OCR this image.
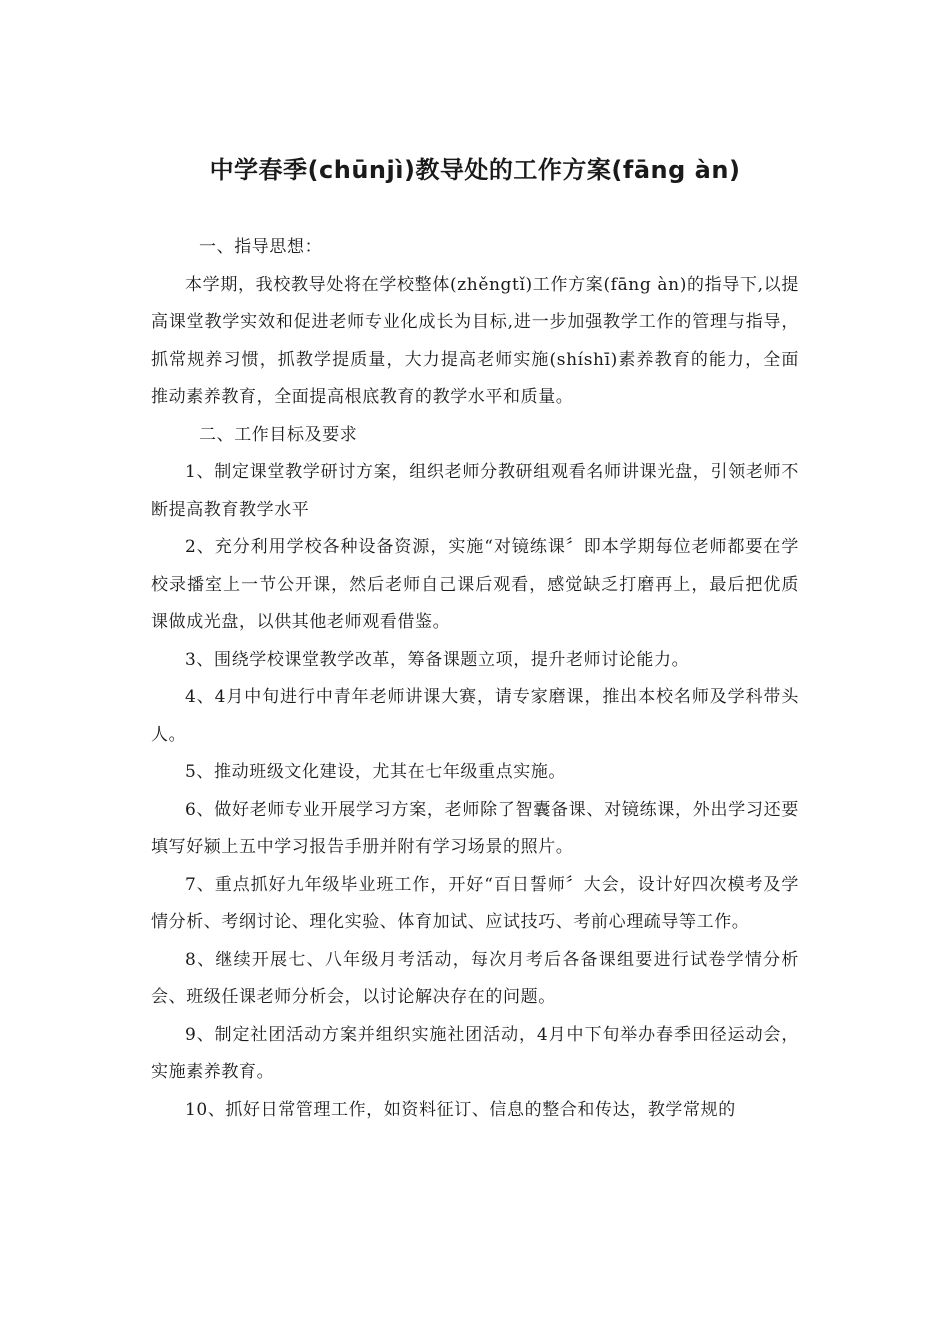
中学春季(chūnjì)教导处的工作方案(fāng àn)

一、指导思想：

本学期，我校教导处将在学校整体(zhěngtǐ)工作方案(fāng àn)的指导下,以提高课堂教学实效和促进老师专业化成长为目标,进一步加强教学工作的管理与指导，抓常规养习惯，抓教学提质量，大力提高老师实施(shíshī)素养教育的能力，全面推动素养教育，全面提高根底教育的教学水平和质量。

二、工作目标及要求

1、制定课堂教学研讨方案，组织老师分教研组观看名师讲课光盘，引领老师不断提高教育教学水平

2、充分利用学校各种设备资源，实施“对镜练课〞即本学期每位老师都要在学校录播室上一节公开课，然后老师自己课后观看，感觉缺乏打磨再上，最后把优质课做成光盘，以供其他老师观看借鉴。

3、围绕学校课堂教学改革，筹备课题立项，提升老师讨论能力。

4、4月中旬进行中青年老师讲课大赛，请专家磨课，推出本校名师及学科带头人。

5、推动班级文化建设，尤其在七年级重点实施。

6、做好老师专业开展学习方案，老师除了智囊备课、对镜练课，外出学习还要填写好颍上五中学习报告手册并附有学习场景的照片。

7、重点抓好九年级毕业班工作，开好“百日誓师〞大会，设计好四次模考及学情分析、考纲讨论、理化实验、体育加试、应试技巧、考前心理疏导等工作。

8、继续开展七、八年级月考活动，每次月考后各备课组要进行试卷学情分析会、班级任课老师分析会，以讨论解决存在的问题。

9、制定社团活动方案并组织实施社团活动，4月中下旬举办春季田径运动会，实施素养教育。

10、抓好日常管理工作，如资料征订、信息的整合和传达，教学常规的
